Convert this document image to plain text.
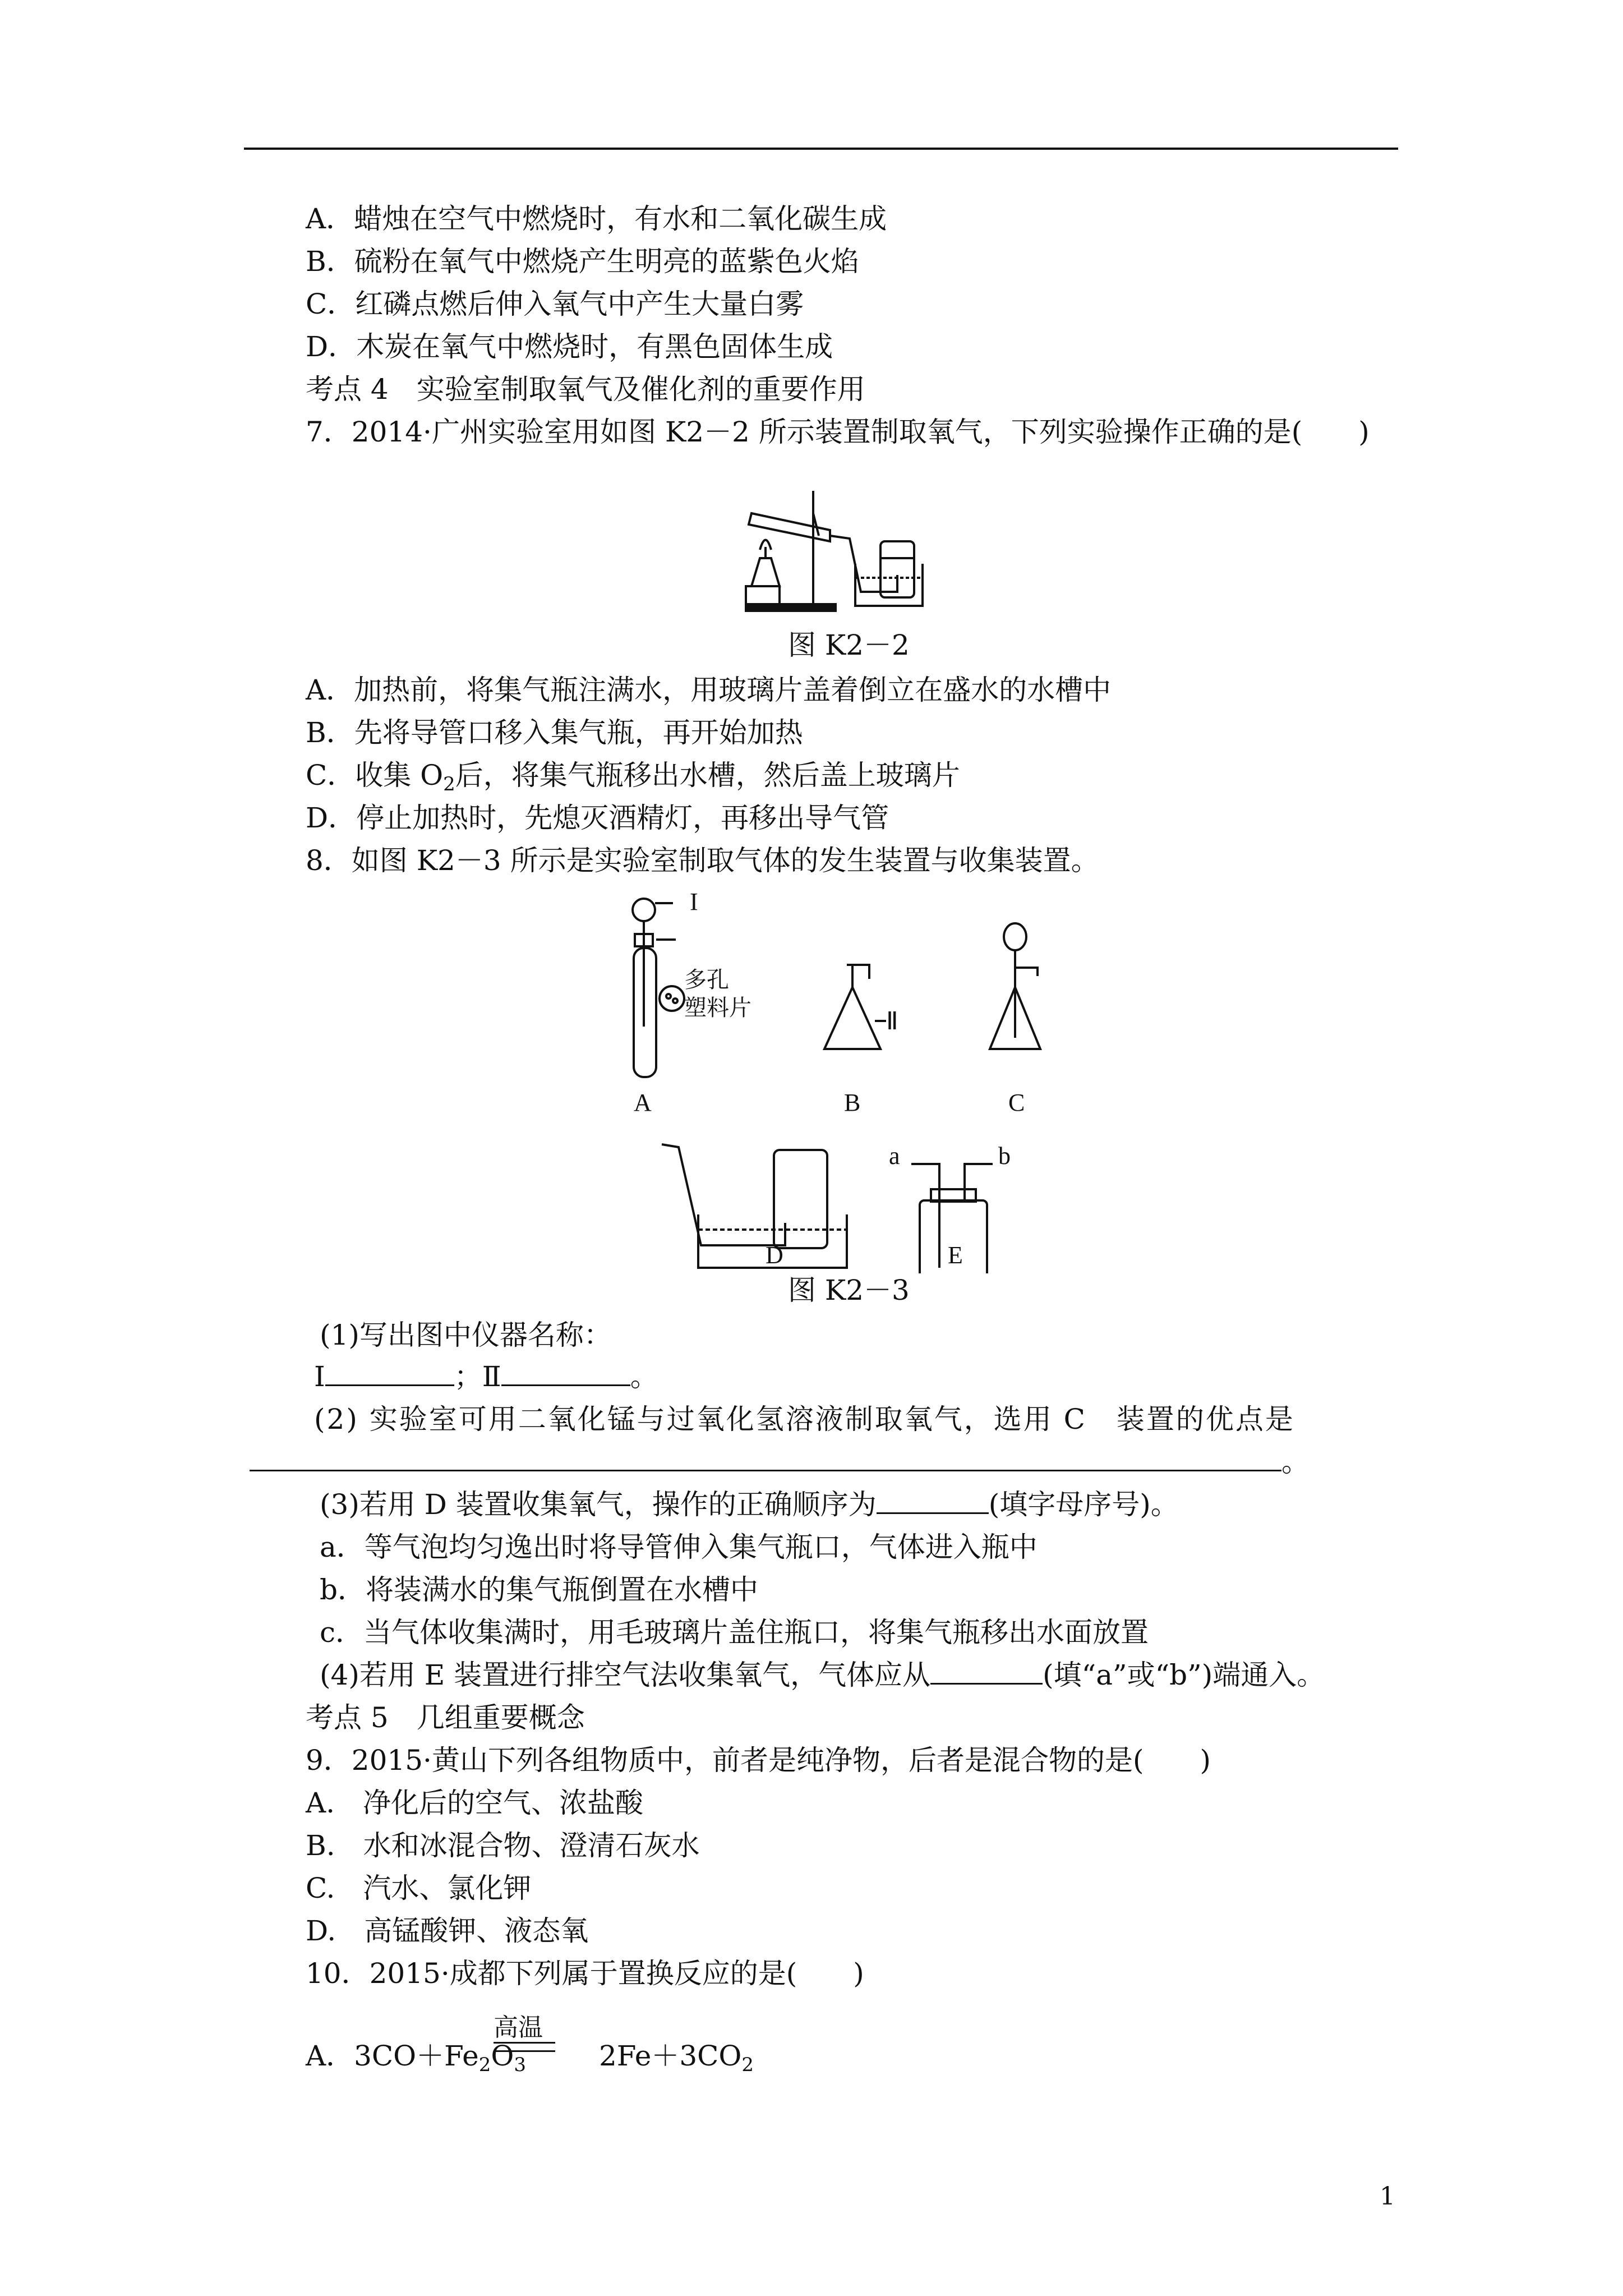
A．蜡烛在空气中燃烧时，有水和二氧化碳生成
B．硫粉在氧气中燃烧产生明亮的蓝紫色火焰
C．红磷点燃后伸入氧气中产生大量白雾
D．木炭在氧气中燃烧时，有黑色固体生成
考点 4　实验室制取氧气及催化剂的重要作用
7．2014·广州实验室用如图 K2－2 所示装置制取氧气，下列实验操作正确的是(　　)
图 K2－2
A．加热前，将集气瓶注满水，用玻璃片盖着倒立在盛水的水槽中
B．先将导管口移入集气瓶，再开始加热
C．收集 $O_2$后，将集气瓶移出水槽，然后盖上玻璃片
D．停止加热时，先熄灭酒精灯，再移出导气管
8．如图 K2－3 所示是实验室制取气体的发生装置与收集装置。
I
Ⅱ
多孔
塑料片
A	B	C
D	E
a	b
图 K2－3
(1)写出图中仪器名称：
Ⅰ	；Ⅱ	。
(2) 实验室可用二氧化锰与过氧化氢溶液制取氧气，选用 C　装置的优点是
。
(3)若用 D 装置收集氧气，操作的正确顺序为	(填字母序号)。
a．等气泡均匀逸出时将导管伸入集气瓶口，气体进入瓶中
b．将装满水的集气瓶倒置在水槽中
c．当气体收集满时，用毛玻璃片盖住瓶口，将集气瓶移出水面放置
(4)若用 E 装置进行排空气法收集氧气，气体应从	(填“a”或“b”)端通入。
考点 5　几组重要概念
9．2015·黄山下列各组物质中，前者是纯净物，后者是混合物的是(　　)
A.　净化后的空气、浓盐酸
B.　水和冰混合物、澄清石灰水
C.　汽水、氯化钾
D.　高锰酸钾、液态氧
10．2015·成都下列属于置换反应的是(　　)
高温
A．$3CO+Fe_2O_3$	$2Fe+3CO_2$
1
